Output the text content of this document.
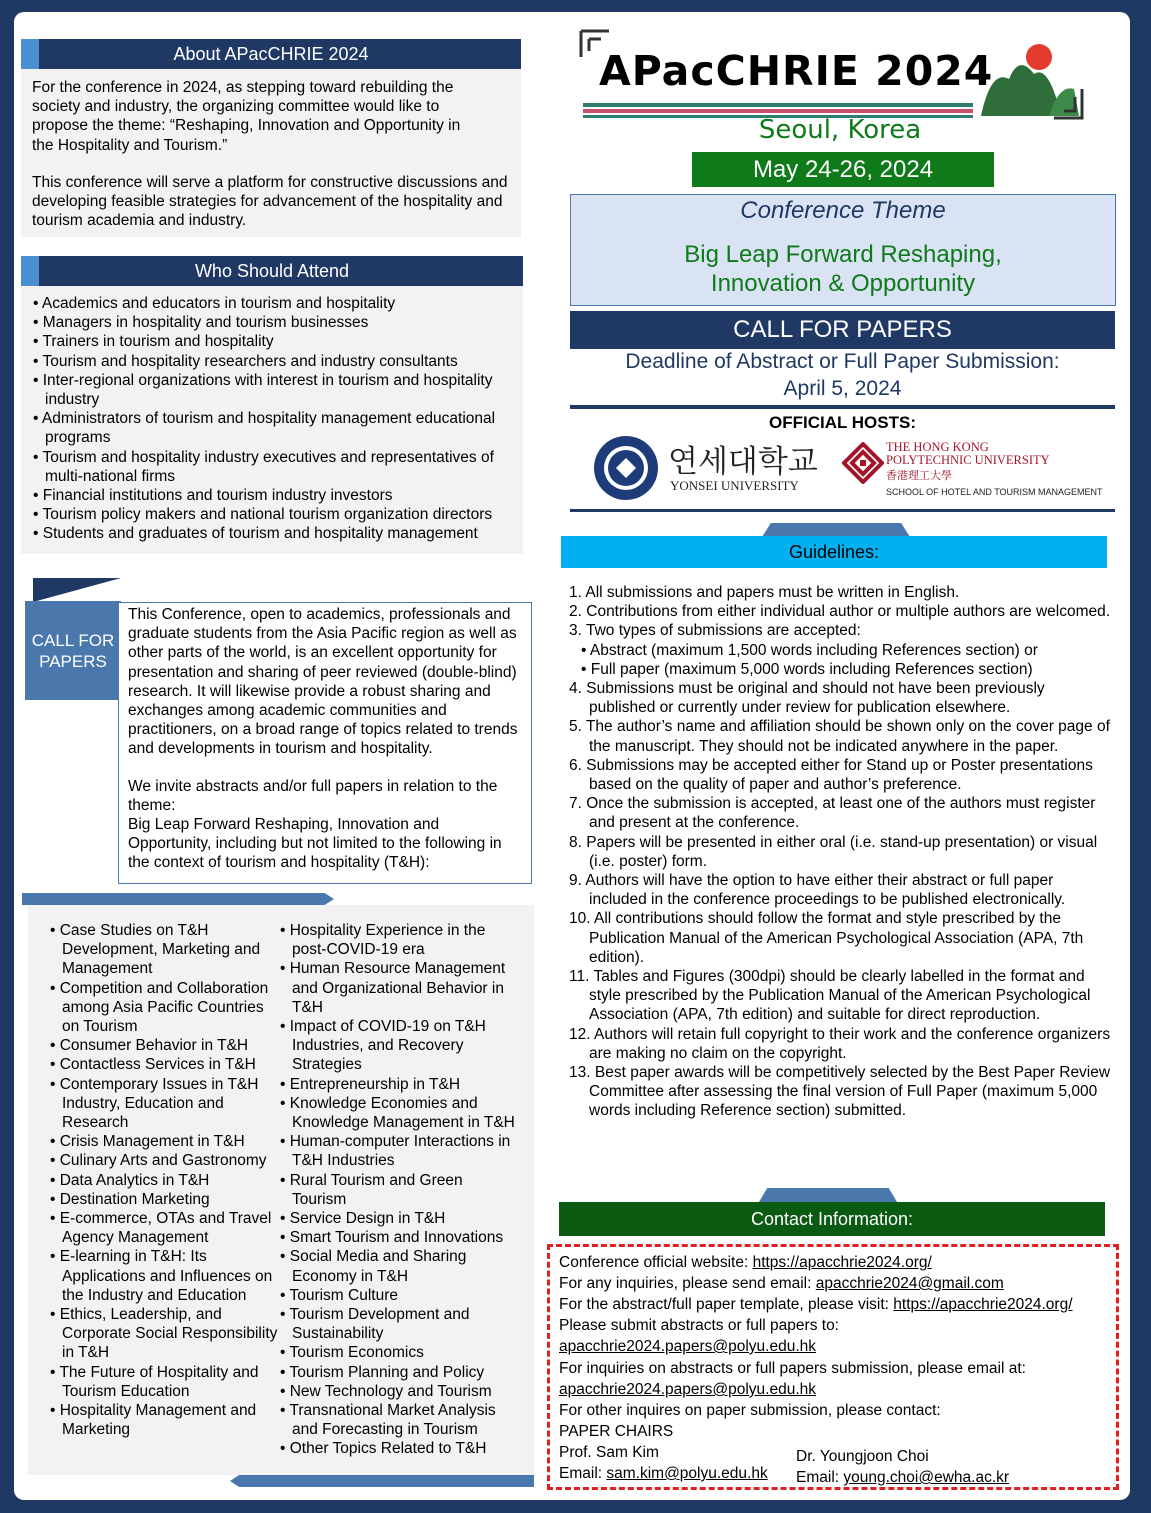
About APacCHRIE 2024
For the conference in 2024, as stepping toward rebuilding the society and industry, the organizing committee would like to propose the theme: “Reshaping, Innovation and Opportunity in the Hospitality and Tourism.”
This conference will serve a platform for constructive discussions and developing feasible strategies for advancement of the hospitality and tourism academia and industry.
Who Should Attend
• Academics and educators in tourism and hospitality
• Managers in hospitality and tourism businesses
• Trainers in tourism and hospitality
• Tourism and hospitality researchers and industry consultants
• Inter-regional organizations with interest in tourism and hospitality industry
• Administrators of tourism and hospitality management educational programs
• Tourism and hospitality industry executives and representatives of multi-national firms
• Financial institutions and tourism industry investors
• Tourism policy makers and national tourism organization directors
• Students and graduates of tourism and hospitality management
CALL FOR PAPERS
This Conference, open to academics, professionals and graduate students from the Asia Pacific region as well as other parts of the world, is an excellent opportunity for presentation and sharing of peer reviewed (double-blind) research. It will likewise provide a robust sharing and exchanges among academic communities and practitioners, on a broad range of topics related to trends and developments in tourism and hospitality.
We invite abstracts and/or full papers in relation to the theme:
Big Leap Forward Reshaping, Innovation and Opportunity, including but not limited to the following in the context of tourism and hospitality (T&H):
• Case Studies on T&H Development, Marketing and Management
• Competition and Collaboration among Asia Pacific Countries on Tourism
• Consumer Behavior in T&H
• Contactless Services in T&H
• Contemporary Issues in T&H Industry, Education and Research
• Crisis Management in T&H
• Culinary Arts and Gastronomy
• Data Analytics in T&H
• Destination Marketing
• E-commerce, OTAs and Travel Agency Management
• E-learning in T&H: Its Applications and Influences on the Industry and Education
• Ethics, Leadership, and Corporate Social Responsibility in T&H
• The Future of Hospitality and Tourism Education
• Hospitality Management and Marketing
• Hospitality Experience in the post-COVID-19 era
• Human Resource Management and Organizational Behavior in T&H
• Impact of COVID-19 on T&H Industries, and Recovery Strategies
• Entrepreneurship in T&H
• Knowledge Economies and Knowledge Management in T&H
• Human-computer Interactions in T&H Industries
• Rural Tourism and Green Tourism
• Service Design in T&H
• Smart Tourism and Innovations
• Social Media and Sharing Economy in T&H
• Tourism Culture
• Tourism Development and Sustainability
• Tourism Economics
• Tourism Planning and Policy
• New Technology and Tourism
• Transnational Market Analysis and Forecasting in Tourism
• Other Topics Related to T&H
APacCHRIE 2024
Seoul, Korea
May 24-26, 2024
Conference Theme
Big Leap Forward Reshaping,
Innovation & Opportunity
CALL FOR PAPERS
Deadline of Abstract or Full Paper Submission:
April 5, 2024
OFFICIAL HOSTS:
연세대학교
YONSEI UNIVERSITY
THE HONG KONG
POLYTECHNIC UNIVERSITY
香港理工大學
SCHOOL OF HOTEL AND TOURISM MANAGEMENT
Guidelines:
1. All submissions and papers must be written in English.
2. Contributions from either individual author or multiple authors are welcomed.
3. Two types of submissions are accepted:
• Abstract (maximum 1,500 words including References section) or
• Full paper (maximum 5,000 words including References section)
4. Submissions must be original and should not have been previously published or currently under review for publication elsewhere.
5. The author’s name and affiliation should be shown only on the cover page of the manuscript. They should not be indicated anywhere in the paper.
6. Submissions may be accepted either for Stand up or Poster presentations based on the quality of paper and author’s preference.
7. Once the submission is accepted, at least one of the authors must register and present at the conference.
8. Papers will be presented in either oral (i.e. stand-up presentation) or visual (i.e. poster) form.
9. Authors will have the option to have either their abstract or full paper included in the conference proceedings to be published electronically.
10. All contributions should follow the format and style prescribed by the Publication Manual of the American Psychological Association (APA, 7th edition).
11. Tables and Figures (300dpi) should be clearly labelled in the format and style prescribed by the Publication Manual of the American Psychological Association (APA, 7th edition) and suitable for direct reproduction.
12. Authors will retain full copyright to their work and the conference organizers are making no claim on the copyright.
13. Best paper awards will be competitively selected by the Best Paper Review Committee after assessing the final version of Full Paper (maximum 5,000 words including Reference section) submitted.
Contact Information:
Conference official website: https://apacchrie2024.org/
For any inquiries, please send email: apacchrie2024@gmail.com
For the abstract/full paper template, please visit: https://apacchrie2024.org/
Please submit abstracts or full papers to:
apacchrie2024.papers@polyu.edu.hk
For inquiries on abstracts or full papers submission, please email at:
apacchrie2024.papers@polyu.edu.hk
For other inquires on paper submission, please contact:
PAPER CHAIRS
Prof. Sam Kim
Email: sam.kim@polyu.edu.hk
Dr. Youngjoon Choi
Email: young.choi@ewha.ac.kr
